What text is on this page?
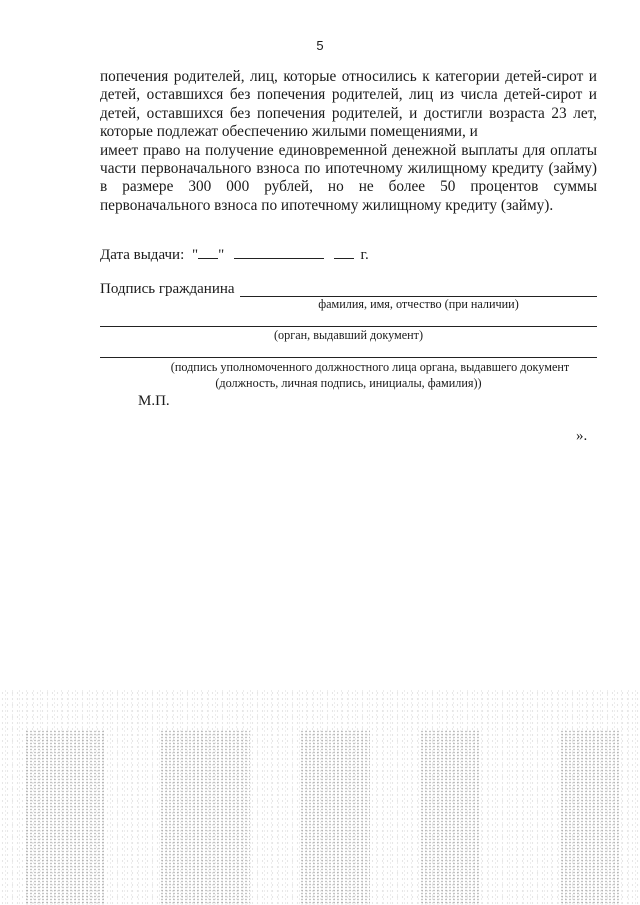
5

попечения родителей, лиц, которые относились к категории детей-сирот и детей, оставшихся без попечения родителей, лиц из числа детей-сирот и детей, оставшихся без попечения родителей, и достигли возраста 23 лет, которые подлежат обеспечению жилыми помещениями, и

имеет право на получение единовременной денежной выплаты для оплаты части первоначального взноса по ипотечному жилищному кредиту (займу) в размере 300 000 рублей, но не более 50 процентов суммы первоначального взноса по ипотечному жилищному кредиту (займу).

Дата выдачи: " "	г.
Подпись гражданина
фамилия, имя, отчество (при наличии)
(орган, выдавший документ)
(подпись уполномоченного должностного лица органа, выдавшего документ
(должность, личная подпись, инициалы, фамилия))
М.П.
».
